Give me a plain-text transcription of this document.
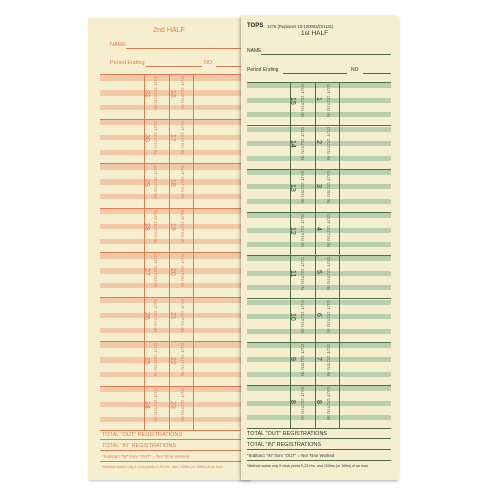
2nd HALF
NAME
Period Ending	NO
OUT OUT
IN IN
OUT OUT
IN IN
16
31
OUT OUT
IN IN
OUT OUT
IN IN
17
30
OUT OUT
IN IN
OUT OUT
IN IN
18
29
OUT OUT
IN IN
OUT OUT
IN IN
19
28
OUT OUT
IN IN
OUT OUT
IN IN
20
27
OUT OUT
IN IN
OUT OUT
IN IN
21
26
OUT OUT
IN IN
OUT OUT
IN IN
22
25
OUT OUT
IN IN
OUT OUT
IN IN
23
24
TOTAL "OUT" REGISTRATIONS
TOTAL "IN" REGISTRATIONS
*Subtract "IN" from "OUT" = Net Time Worked
*Method works only if clock prints 0-23 Hrs. and 100ths (or 10ths) of an hour
TOPS 1276 (Replaces 10-100092/OH131)
1st HALF
NAME
Period Ending	NO
OUT OUT
IN IN
OUT OUT
IN IN
1
15
OUT OUT
IN IN
OUT OUT
IN IN
2
14
OUT OUT
IN IN
OUT OUT
IN IN
3
13
OUT OUT
IN IN
OUT OUT
IN IN
4
12
OUT OUT
IN IN
OUT OUT
IN IN
5
11
OUT OUT
IN IN
OUT OUT
IN IN
6
10
OUT OUT
IN IN
OUT OUT
IN IN
7
9
OUT OUT
IN IN
OUT OUT
IN IN
8
8
TOTAL "OUT" REGISTRATIONS
TOTAL "IN" REGISTRATIONS
*Subtract "IN" from "OUT" = Net Time Worked
*Method works only if clock prints 0-23 Hrs. and 100ths (or 10ths) of an hour
